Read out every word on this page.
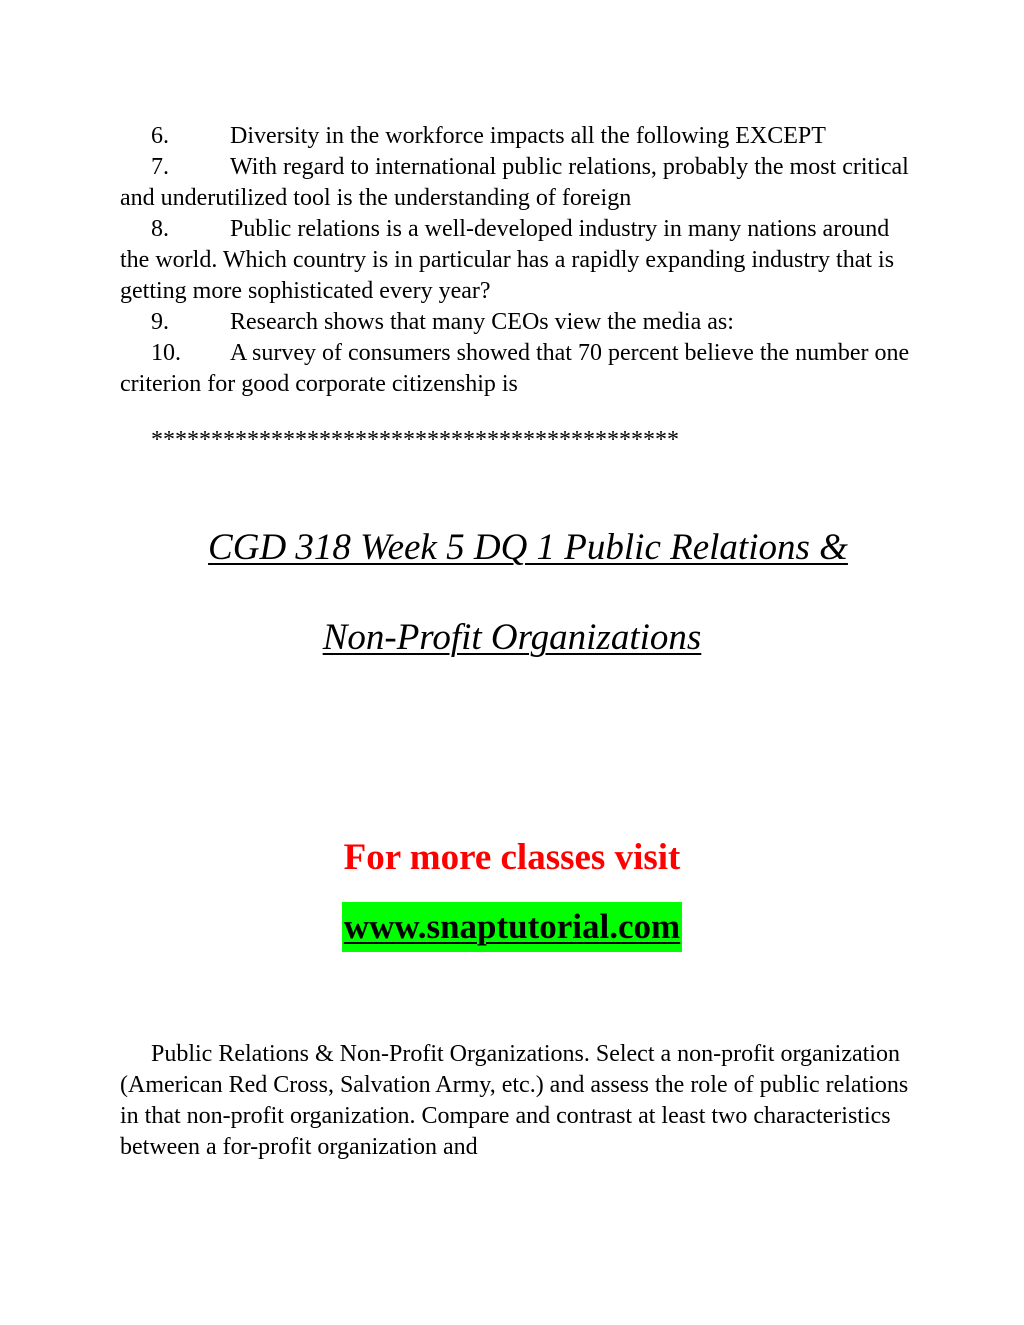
6.	Diversity in the workforce impacts all the following EXCEPT

7.	With regard to international public relations, probably the most critical and underutilized tool is the understanding of foreign

8.	Public relations is a well-developed industry in many nations around the world. Which country is in particular has a rapidly expanding industry that is getting more sophisticated every year?

9.	Research shows that many CEOs view the media as:

10. A survey of consumers showed that 70 percent believe the number one criterion for good corporate citizenship is

********************************************
CGD 318 Week 5 DQ 1 Public Relations &
Non-Profit Organizations
For more classes visit
www.snaptutorial.com

Public Relations & Non-Profit Organizations. Select a non-profit organization (American Red Cross, Salvation Army, etc.) and assess the role of public relations in that non-profit organization. Compare and contrast at least two characteristics between a for-profit organization and
